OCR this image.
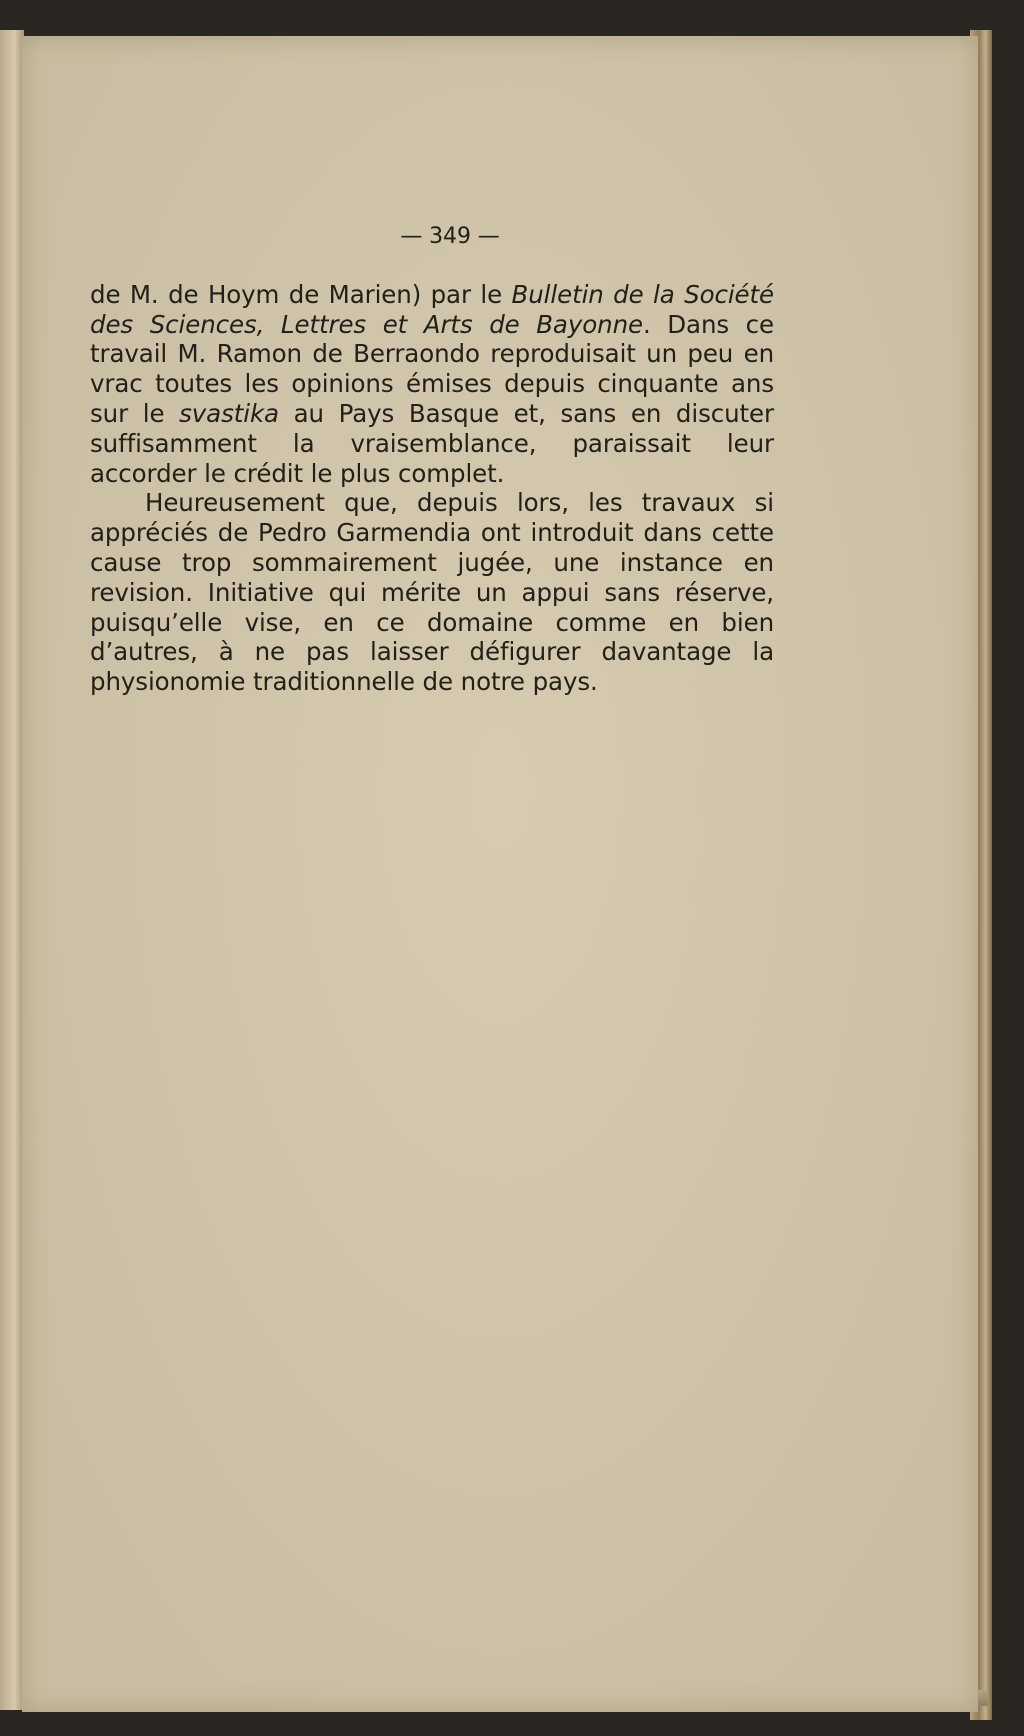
— 349 —

de M. de Hoym de Marien) par le Bulletin de la Société des Sciences, Lettres et Arts de Bayonne. Dans ce travail M. Ramon de Berraondo reproduisait un peu en vrac toutes les opinions émises depuis cinquante ans sur le svastika au Pays Basque et, sans en discuter suffisamment la vraisemblance, paraissait leur accorder le crédit le plus complet.

Heureusement que, depuis lors, les travaux si appréciés de Pedro Garmendia ont introduit dans cette cause trop sommairement jugée, une instance en revision. Initiative qui mérite un appui sans réserve, puisqu’elle vise, en ce domaine comme en bien d’autres, à ne pas laisser défigurer davantage la physionomie traditionnelle de notre pays.
